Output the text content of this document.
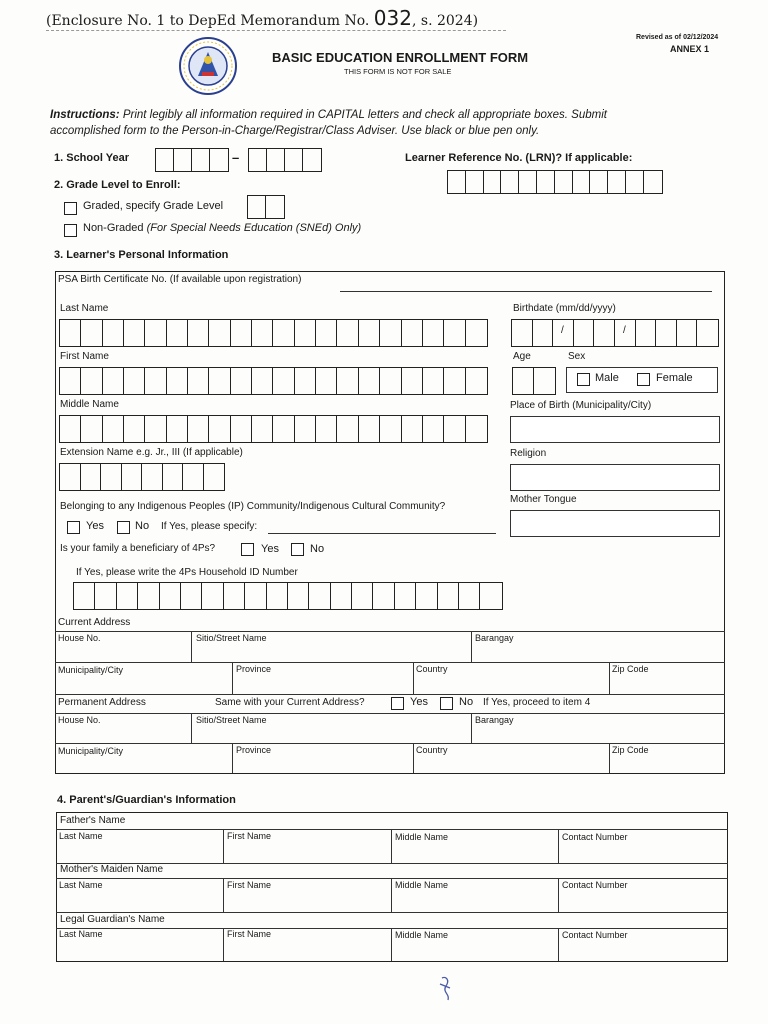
(Enclosure No. 1 to DepEd Memorandum No. 032, s. 2024)
Revised as of 02/12/2024
ANNEX 1
BASIC EDUCATION ENROLLMENT FORM
THIS FORM IS NOT FOR SALE
Instructions: Print legibly all information required in CAPITAL letters and check all appropriate boxes. Submit
accomplished form to the Person-in-Charge/Registrar/Class Adviser. Use black or blue pen only.
1. School Year	–	Learner Reference No. (LRN)? If applicable:
2. Grade Level to Enroll:
Graded, specify Grade Level
Non-Graded (For Special Needs Education (SNEd) Only)
3. Learner's Personal Information
PSA Birth Certificate No. (If available upon registration)
Last Name
First Name
Middle Name
Extension Name e.g. Jr., III (If applicable)
Birthdate (mm/dd/yyyy)
/	/
Age	Sex
Male	Female
Place of Birth (Municipality/City)
Religion
Mother Tongue
Belonging to any Indigenous Peoples (IP) Community/Indigenous Cultural Community?
Yes	No If Yes, please specify:
Is your family a beneficiary of 4Ps?	Yes	No
If Yes, please write the 4Ps Household ID Number
Current Address
House No.	Sitio/Street Name	Barangay
Municipality/City	Province	Country	Zip Code
Permanent Address	Same with your Current Address?	Yes	No If Yes, proceed to item 4
House No.	Sitio/Street Name	Barangay
Municipality/City	Province	Country	Zip Code
4. Parent's/Guardian's Information
Father's Name
Last Name	First Name	Middle Name	Contact Number
Mother's Maiden Name
Last Name	First Name	Middle Name	Contact Number
Legal Guardian's Name
Last Name	First Name	Middle Name	Contact Number
